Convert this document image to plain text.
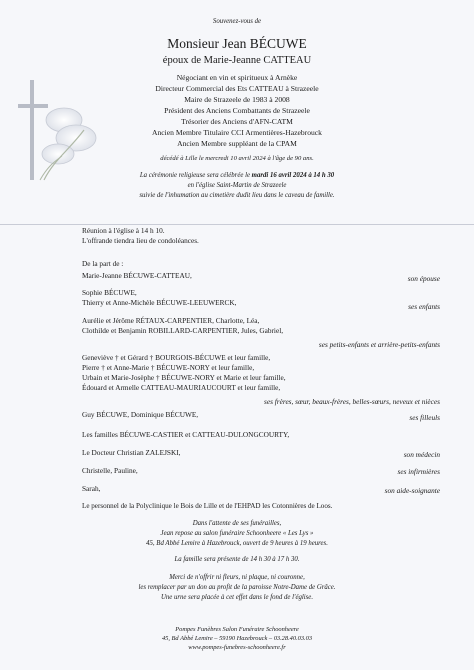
Souvenez-vous de
Monsieur Jean BÉCUWE
époux de Marie-Jeanne CATTEAU
Négociant en vin et spiritueux à Arnèke
Directeur Commercial des Ets CATTEAU à Strazeele
Maire de Strazeele de 1983 à 2008
Président des Anciens Combattants de Strazeele
Trésorier des Anciens d'AFN-CATM
Ancien Membre Titulaire CCI Armentières-Hazebrouck
Ancien Membre suppléant de la CPAM
décédé à Lille le mercredi 10 avril 2024 à l'âge de 90 ans.
La cérémonie religieuse sera célébrée le mardi 16 avril 2024 à 14 h 30
en l'église Saint-Martin de Strazeele
suivie de l'inhumation au cimetière dudit lieu dans le caveau de famille.
Réunion à l'église à 14 h 10.
L'offrande tiendra lieu de condoléances.
De la part de :
Marie-Jeanne BÉCUWE-CATTEAU,	son épouse
Sophie BÉCUWE,
Thierry et Anne-Michèle BÉCUWE-LEEUWERCK,	ses enfants
Aurélie et Jérôme RÉTAUX-CARPENTIER, Charlotte, Léa,
Clothilde et Benjamin ROBILLARD-CARPENTIER, Jules, Gabriel,
ses petits-enfants et arrière-petits-enfants
Geneviève † et Gérard † BOURGOIS-BÉCUWE et leur famille,
Pierre † et Anne-Marie † BÉCUWE-NORY et leur famille,
Urbain et Marie-Josèphe † BÉCUWE-NORY et Marie et leur famille,
Édouard et Armelle CATTEAU-MAURIAUCOURT et leur famille,
ses frères, sœur, beaux-frères, belles-sœurs, neveux et nièces
Guy BÉCUWE, Dominique BÉCUWE,	ses filleuls
Les familles BÉCUWE-CASTIER et CATTEAU-DULONGCOURTY,
Le Docteur Christian ZALEJSKI,	son médecin
Christelle, Pauline,	ses infirmières
Sarah,	son aide-soignante
Le personnel de la Polyclinique le Bois de Lille et de l'EHPAD les Cotonnières de Loos.
Dans l'attente de ses funérailles,
Jean repose au salon funéraire Schoonheere « Les Lys »
45, Bd Abbé Lemire à Hazebrouck, ouvert de 9 heures à 19 heures.
La famille sera présente de 14 h 30 à 17 h 30.
Merci de n'offrir ni fleurs, ni plaque, ni couronne,
les remplacer par un don au profit de la paroisse Notre-Dame de Grâce.
Une urne sera placée à cet effet dans le fond de l'église.
Pompes Funèbres Salon Funéraire Schoonheere
45, Bd Abbé Lemire – 59190 Hazebrouck – 03.28.40.03.03
www.pompes-funebres-schoonheere.fr
